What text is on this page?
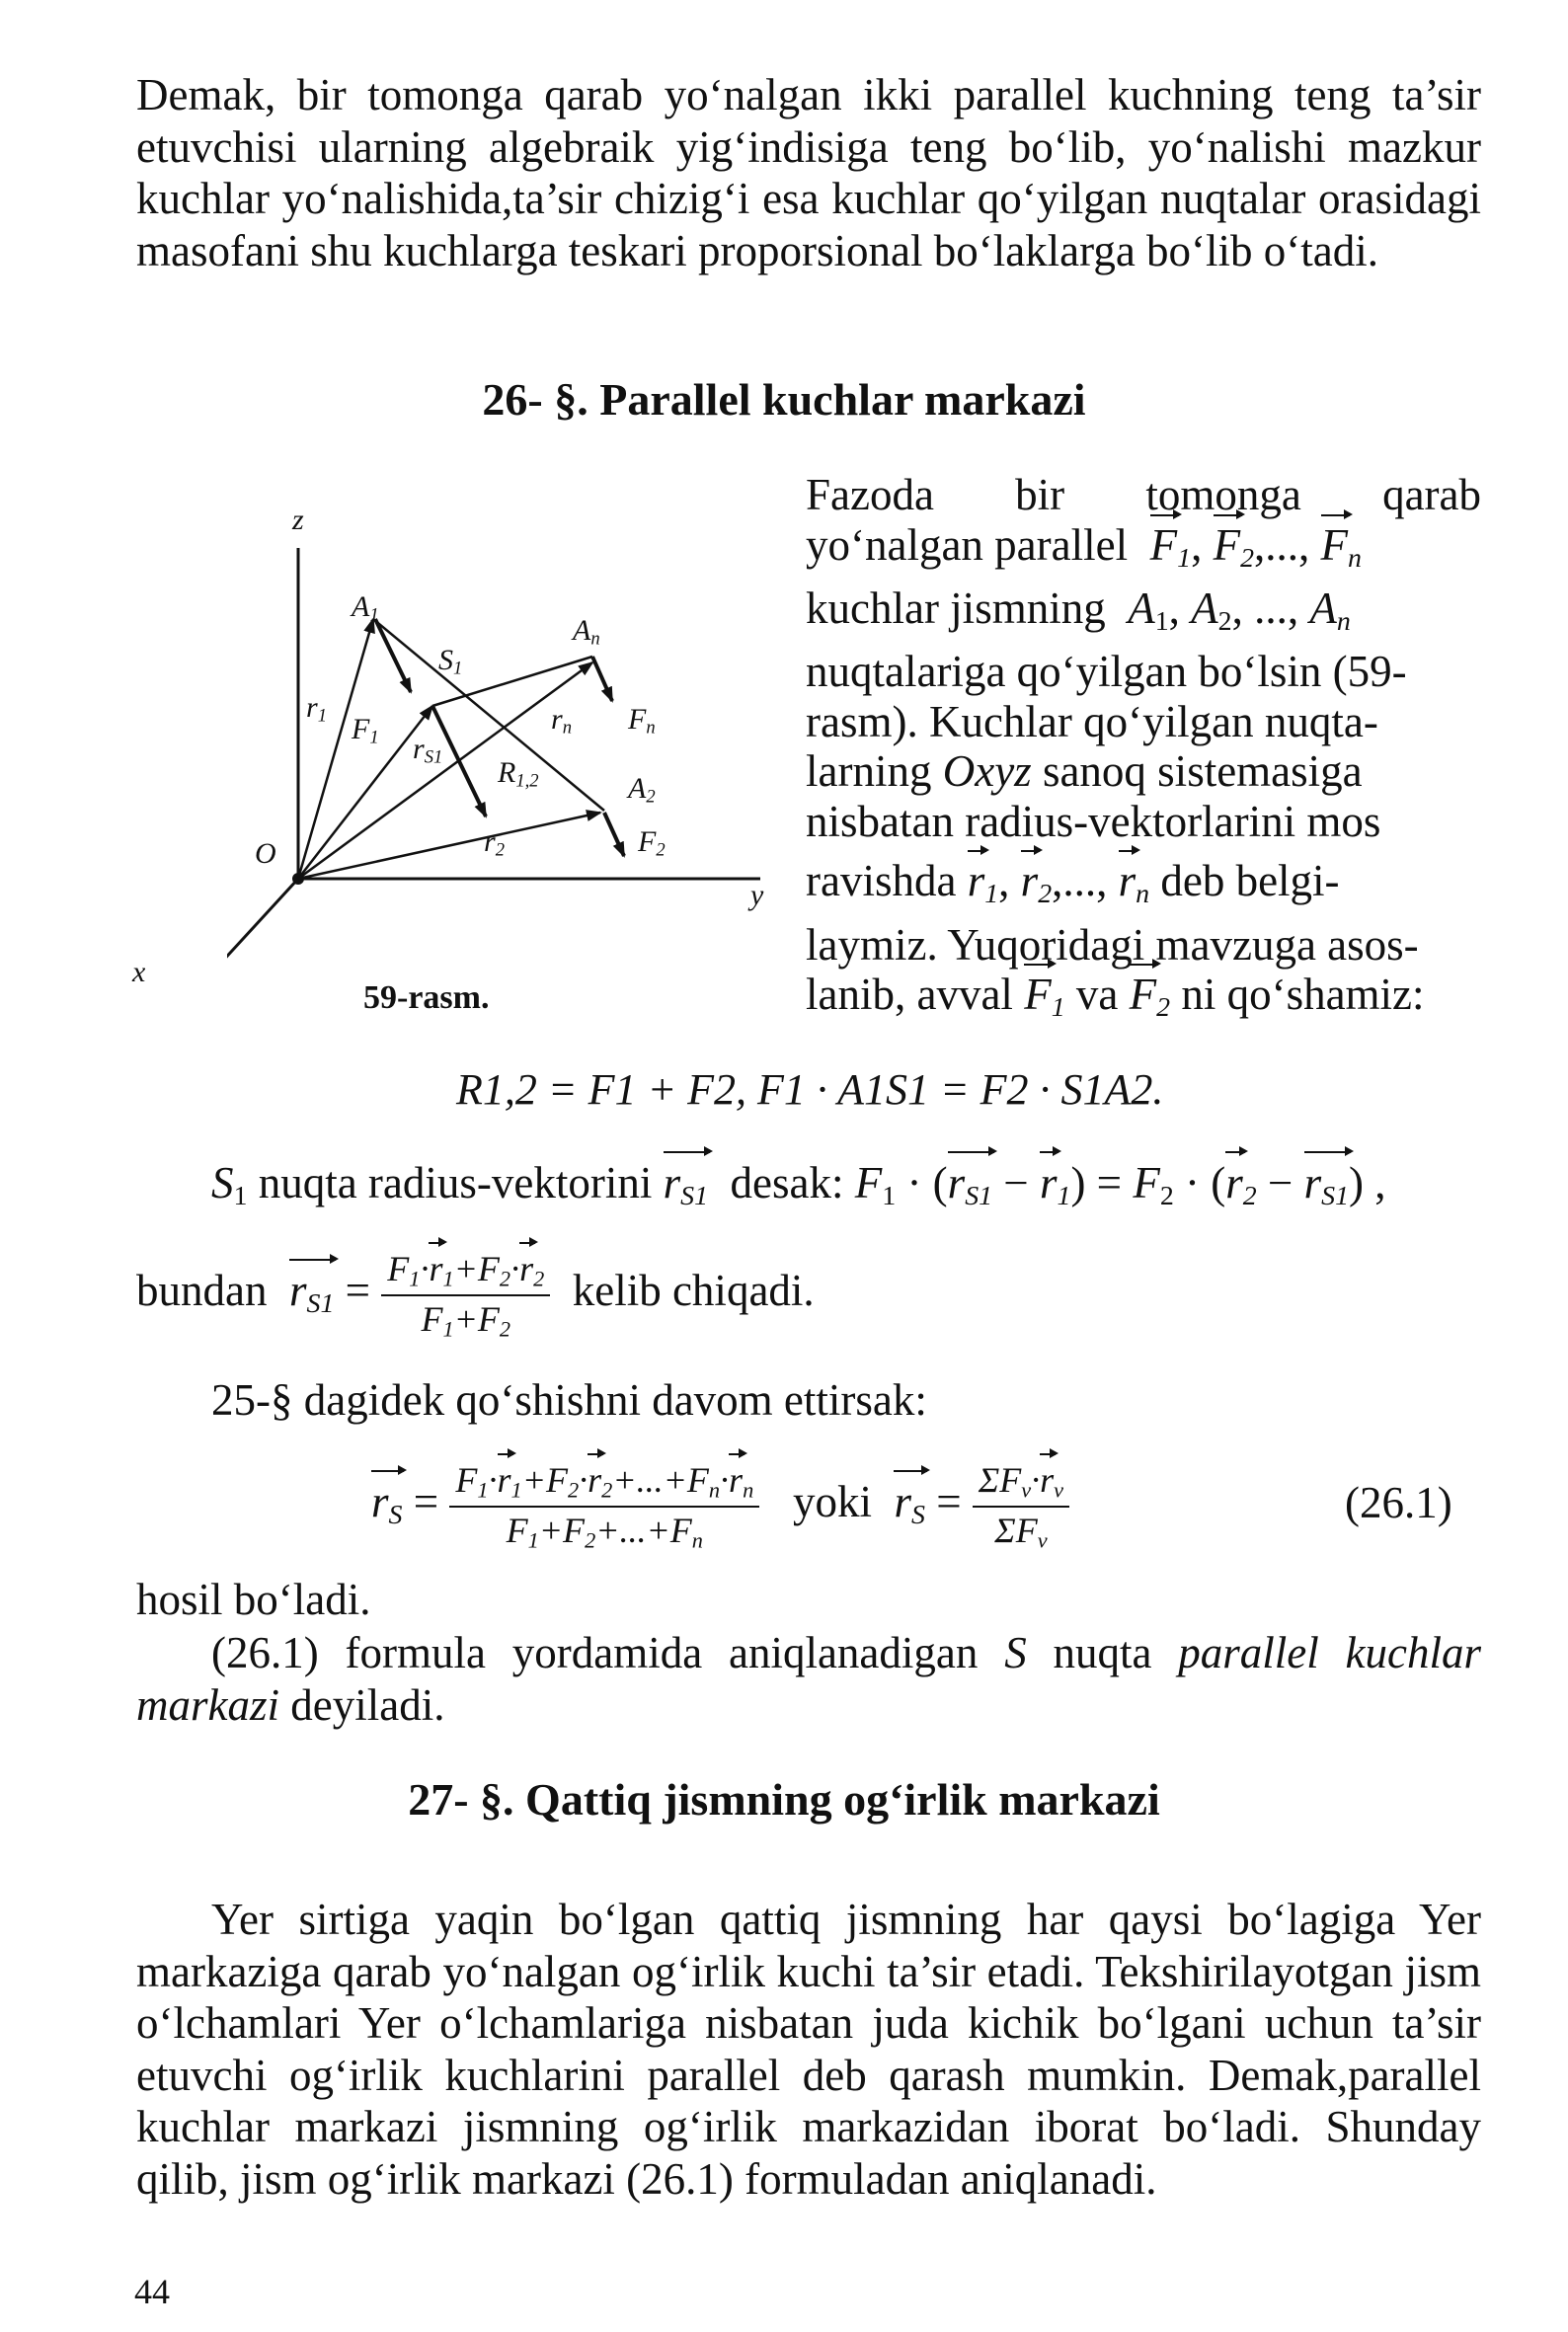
Demak, bir tomonga qarab yo‘nalgan ikki parallel kuchning teng ta’sir etuvchisi ularning algebraik yig‘indisiga teng bo‘lib, yo‘nalishi mazkur kuchlar yo‘nalishida,ta’sir chizig‘i esa kuchlar qo‘yilgan nuqtalar orasidagi masofani shu kuchlarga teskari proporsional bo‘laklarga bo‘lib o‘tadi.
26- §. Parallel kuchlar markazi
z
x
y
O
$A_1$
$S_1$
$A_n$
$A_2$
$r_1$ $F_1$ $r_{S1}$
$r_n$ $F_n$
$R_{1,2}$
$r_2$	$F_2$
59-rasm.
Fazoda bir tomonga qarab
yo‘nalgan parallel $F_1$, $F_2$,..., $F_n$
kuchlar jismning $A_1$, $A_2$, ..., $A_n$
nuqtalariga qo‘yilgan bo‘lsin (59-
rasm). Kuchlar qo‘yilgan nuqta-
larning Oxyz sanoq sistemasiga
nisbatan radius-vektorlarini mos
ravishda $r_1$, $r_2$,..., $r_n$ deb belgi-
laymiz. Yuqoridagi mavzuga asos-
lanib, avval $F_1$ va $F_2$ ni qo‘shamiz:
R1,2 = F1 + F2, F1 · A1S1 = F2 · S1A2.
$S_1$ nuqta radius-vektorini $r_{S1}$ desak: $F_1 \cdot (r_{S1} - r_1) = F_2 \cdot (r_2 - r_{S1})$ ,
bundan $r_{S1} = \frac{F_1\cdot r_1+F_2\cdot r_2}{F_1+F_2}$ kelib chiqadi.
25-§ dagidek qo‘shishni davom ettirsak:
$r_S = \frac{F_1\cdot r_1+F_2\cdot r_2+...+F_n\cdot r_n}{F_1+F_2+...+F_n}$ yoki $r_S = \frac{\Sigma F_\nu\cdot r_\nu}{\Sigma F_\nu}$	(26.1)
hosil bo‘ladi.
(26.1) formula yordamida aniqlanadigan S nuqta parallel kuchlar markazi deyiladi.
27- §. Qattiq jismning og‘irlik markazi
Yer sirtiga yaqin bo‘lgan qattiq jismning har qaysi bo‘lagiga Yer markaziga qarab yo‘nalgan og‘irlik kuchi ta’sir etadi. Tekshirilayotgan jism o‘lchamlari Yer o‘lchamlariga nisbatan juda kichik bo‘lgani uchun ta’sir etuvchi og‘irlik kuchlarini parallel deb qarash mumkin. Demak,parallel kuchlar markazi jismning og‘irlik markazidan iborat bo‘ladi. Shunday qilib, jism og‘irlik markazi (26.1) formuladan aniqlanadi.
44
